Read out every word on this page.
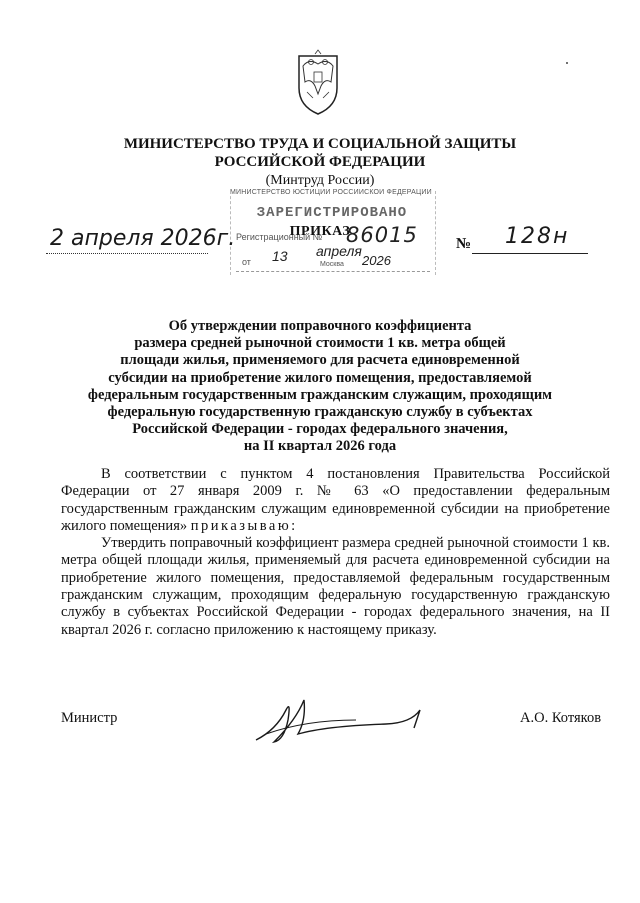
МИНИСТЕРСТВО ТРУДА И СОЦИАЛЬНОЙ ЗАЩИТЫ
РОССИЙСКОЙ ФЕДЕРАЦИИ
(Минтруд России)
МИНИСТЕРСТВО ЮСТИЦИИ РОССИЙСКОЙ ФЕДЕРАЦИИ
ЗАРЕГИСТРИРОВАНО
Регистрационный № 86015
от 13 апреля
Москва 2026
ПРИКАЗ
2 апреля 2026г.	№ 128н
Об утверждении поправочного коэффициента
размера средней рыночной стоимости 1 кв. метра общей
площади жилья, применяемого для расчета единовременной
субсидии на приобретение жилого помещения, предоставляемой
федеральным государственным гражданским служащим, проходящим
федеральную государственную гражданскую службу в субъектах
Российской Федерации - городах федерального значения,
на II квартал 2026 года

В соответствии с пунктом 4 постановления Правительства Российской Федерации от 27 января 2009 г. № 63 «О предоставлении федеральным государственным гражданским служащим единовременной субсидии на приобретение жилого помещения» приказываю:

Утвердить поправочный коэффициент размера средней рыночной стоимости 1 кв. метра общей площади жилья, применяемый для расчета единовременной субсидии на приобретение жилого помещения, предоставляемой федеральным государственным гражданским служащим, проходящим федеральную государственную гражданскую службу в субъектах Российской Федерации - городах федерального значения, на II квартал 2026 г. согласно приложению к настоящему приказу.

Министр	А.О. Котяков
